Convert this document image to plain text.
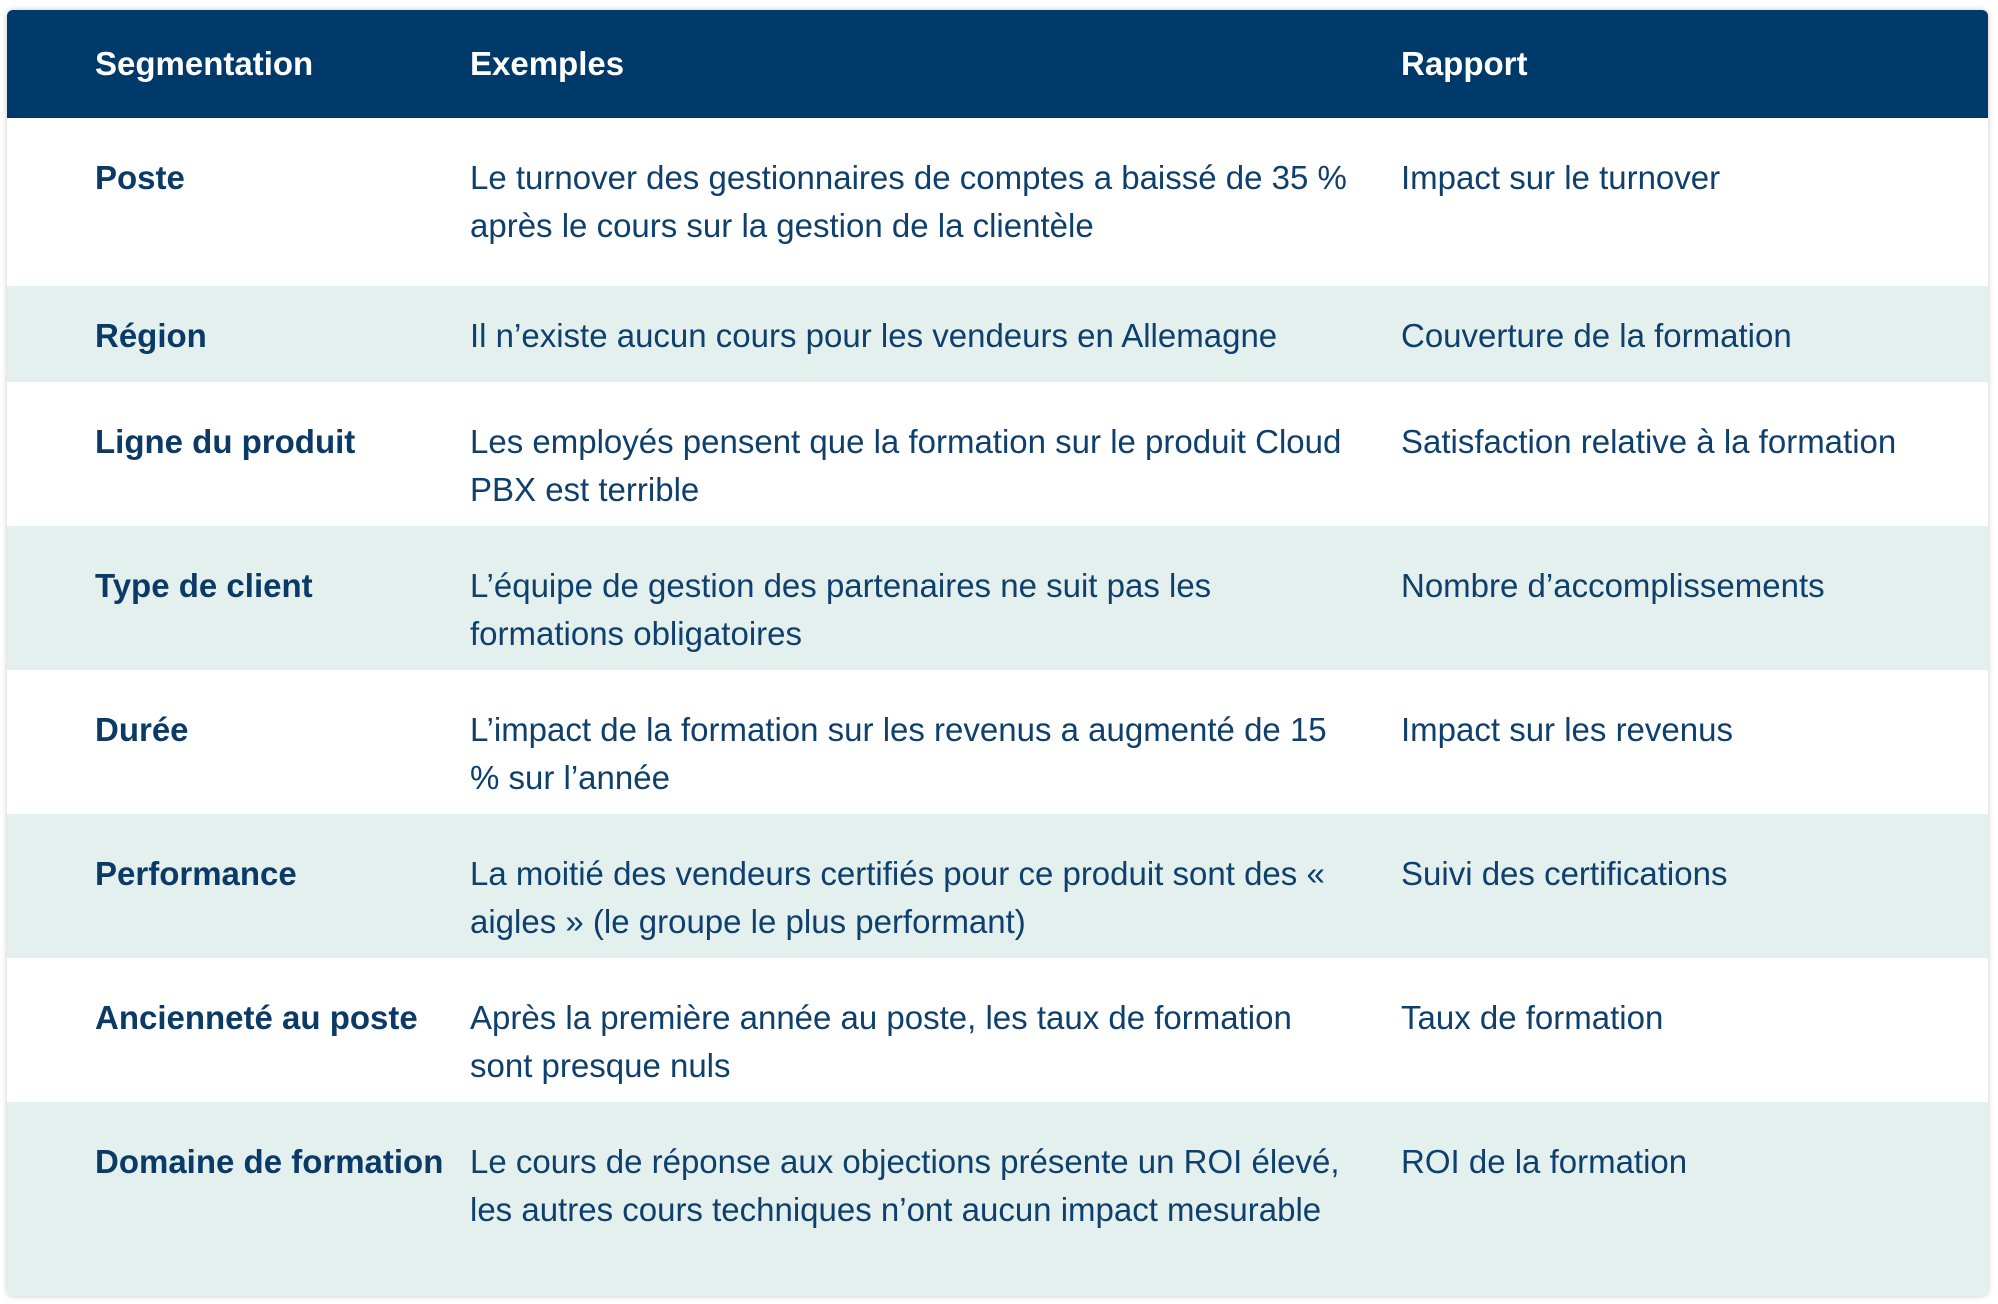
Segmentation	Exemples	Rapport
Poste	Le turnover des gestionnaires de comptes a baissé de 35 % après le cours sur la gestion de la clientèle	Impact sur le turnover
Région	Il n’existe aucun cours pour les vendeurs en Allemagne	Couverture de la formation
Ligne du produit	Les employés pensent que la formation sur le produit Cloud PBX est terrible	Satisfaction relative à la formation
Type de client	L’équipe de gestion des partenaires ne suit pas les formations obligatoires	Nombre d’accomplissements
Durée	L’impact de la formation sur les revenus a augmenté de 15 % sur l’année	Impact sur les revenus
Performance	La moitié des vendeurs certifiés pour ce produit sont des « aigles » (le groupe le plus performant)	Suivi des certifications
Ancienneté au poste	Après la première année au poste, les taux de formation sont presque nuls	Taux de formation
Domaine de formation	Le cours de réponse aux objections présente un ROI élevé, les autres cours techniques n’ont aucun impact mesurable	ROI de la formation
